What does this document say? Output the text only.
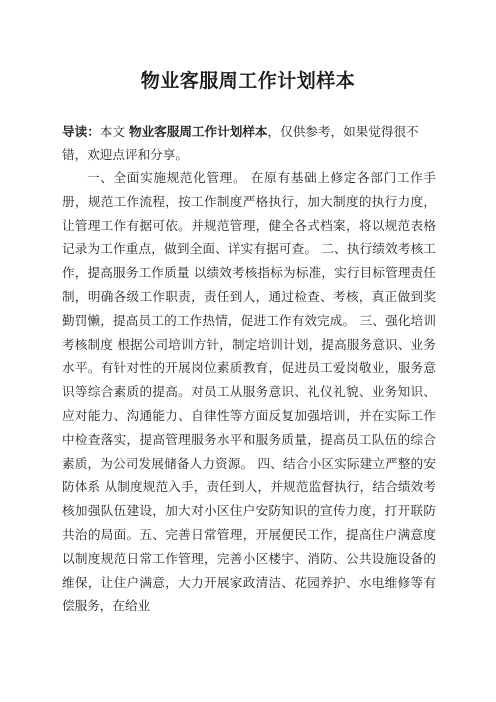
物业客服周工作计划样本

导读：本文 物业客服周工作计划样本，仅供参考，如果觉得很不错，欢迎点评和分享。

一、全面实施规范化管理。 在原有基础上修定各部门工作手册，规范工作流程，按工作制度严格执行，加大制度的执行力度，让管理工作有据可依。并规范管理，健全各式档案，将以规范表格记录为工作重点，做到全面、详实有据可查。 二、执行绩效考核工作，提高服务工作质量 以绩效考核指标为标准，实行目标管理责任制，明确各级工作职责，责任到人，通过检查、考核，真正做到奖勤罚懒，提高员工的工作热情，促进工作有效完成。 三、强化培训考核制度 根据公司培训方针，制定培训计划，提高服务意识、业务水平。有针对性的开展岗位素质教育，促进员工爱岗敬业，服务意识等综合素质的提高。对员工从服务意识、礼仪礼貌、业务知识、应对能力、沟通能力、自律性等方面反复加强培训，并在实际工作中检查落实，提高管理服务水平和服务质量，提高员工队伍的综合素质，为公司发展储备人力资源。 四、结合小区实际建立严整的安防体系 从制度规范入手，责任到人，并规范监督执行，结合绩效考核加强队伍建设，加大对小区住户安防知识的宣传力度，打开联防共治的局面。五、完善日常管理，开展便民工作，提高住户满意度 以制度规范日常工作管理，完善小区楼宇、消防、公共设施设备的维保，让住户满意，大力开展家政清洁、花园养护、水电维修等有偿服务，在给业
